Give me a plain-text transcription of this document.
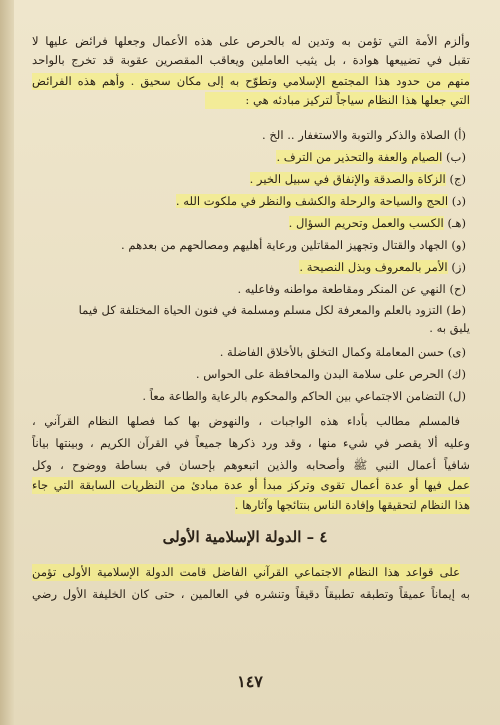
وألزم الأمة التي تؤمن به وتدين له بالحرص على هذه الأعمال وجعلها فرائض عليها لا
تقبل في تضييعها هوادة ، بل يثيب العاملين ويعاقب المقصرين عقوبة قد تخرج بالواحد
منهم من حدود هذا المجتمع الإسلامي وتطوّح به إلى مكان سحيق . وأهم هذه الفرائض
التي جعلها هذا النظام سياجاً لتركيز مبادئه هي :
(أ) الصلاة والذكر والتوبة والاستغفار .. الخ .
(ب) الصيام والعفة والتحذير من الترف .
(ج) الزكاة والصدقة والإنفاق في سبيل الخير .
(د) الحج والسياحة والرحلة والكشف والنظر في ملكوت الله .
(هـ) الكسب والعمل وتحريم السؤال .
(و) الجهاد والقتال وتجهيز المقاتلين ورعاية أهليهم ومصالحهم من بعدهم .
(ز) الأمر بالمعروف وبذل النصيحة .
(ح) النهي عن المنكر ومقاطعة مواطنه وفاعليه .
(ط) التزود بالعلم والمعرفة لكل مسلم ومسلمة في فنون الحياة المختلفة كل فيما
يليق به .
(ى) حسن المعاملة وكمال التخلق بالأخلاق الفاضلة .
(ك) الحرص على سلامة البدن والمحافظة على الحواس .
(ل) التضامن الاجتماعي بين الحاكم والمحكوم بالرعاية والطاعة معاً .
فالمسلم مطالب بأداء هذه الواجبات ، والنهوض بها كما فصلها النظام القرآني ،
وعليه ألا يقصر في شيء منها ، وقد ورد ذكرها جميعاً في القرآن الكريم ، وبينتها بياناً
شافياً أعمال النبي ﷺ وأصحابه والذين اتبعوهم بإحسان في بساطة ووضوح ، وكل
عمل فيها أو عدة أعمال تقوى وتركز مبدأ أو عدة مبادئ من النظريات السابقة التي جاء
هذا النظام لتحقيقها وإفادة الناس بنتائجها وآثارها .
٤ – الدولة الإسلامية الأولى
على قواعد هذا النظام الاجتماعي القرآني الفاضل قامت الدولة الإسلامية الأولى تؤمن
به إيماناً عميقاً وتطبقه تطبيقاً دقيقاً وتنشره في العالمين ، حتى كان الخليفة الأول رضي
١٤٧
